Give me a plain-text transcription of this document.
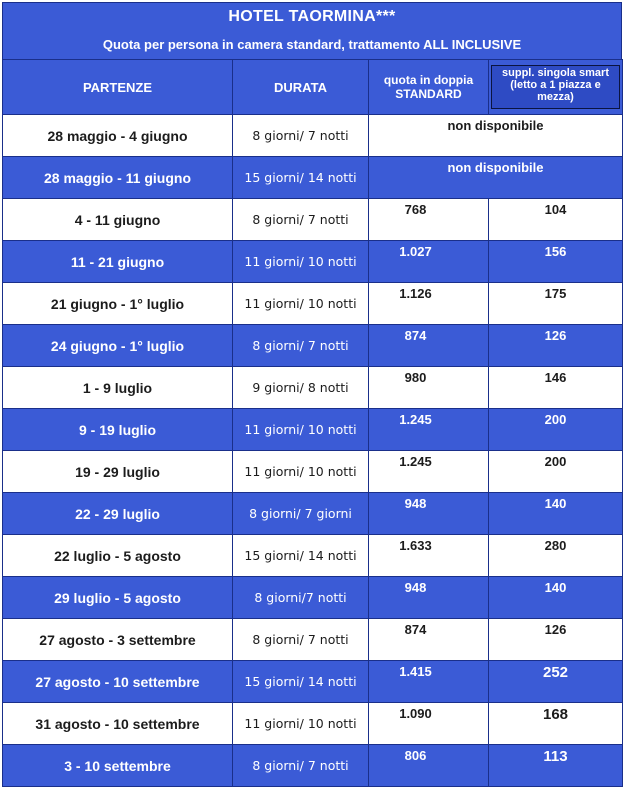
HOTEL TAORMINA***
Quota per persona in camera standard, trattamento ALL INCLUSIVE
PARTENZE	DURATA	quota in doppia STANDARD	suppl. singola smart (letto a 1 piazza e mezza)

28 maggio - 4 giugno	8 giorni/ 7 notti	non disponibile	
28 maggio - 11 giugno	15 giorni/ 14 notti	non disponibile	
4 - 11 giugno	8 giorni/ 7 notti	768	104
11 - 21 giugno	11 giorni/ 10 notti	1.027	156
21 giugno - 1° luglio	11 giorni/ 10 notti	1.126	175
24 giugno - 1° luglio	8 giorni/ 7 notti	874	126
1 - 9 luglio	9 giorni/ 8 notti	980	146
9 - 19 luglio	11 giorni/ 10 notti	1.245	200
19 - 29 luglio	11 giorni/ 10 notti	1.245	200
22 - 29 luglio	8 giorni/ 7 giorni	948	140
22 luglio - 5 agosto	15 giorni/ 14 notti	1.633	280
29 luglio - 5 agosto	8 giorni/7 notti	948	140
27 agosto - 3 settembre	8 giorni/ 7 notti	874	126
27 agosto - 10 settembre	15 giorni/ 14 notti	1.415	252
31 agosto - 10 settembre	11 giorni/ 10 notti	1.090	168
3 - 10 settembre	8 giorni/ 7 notti	806	113
